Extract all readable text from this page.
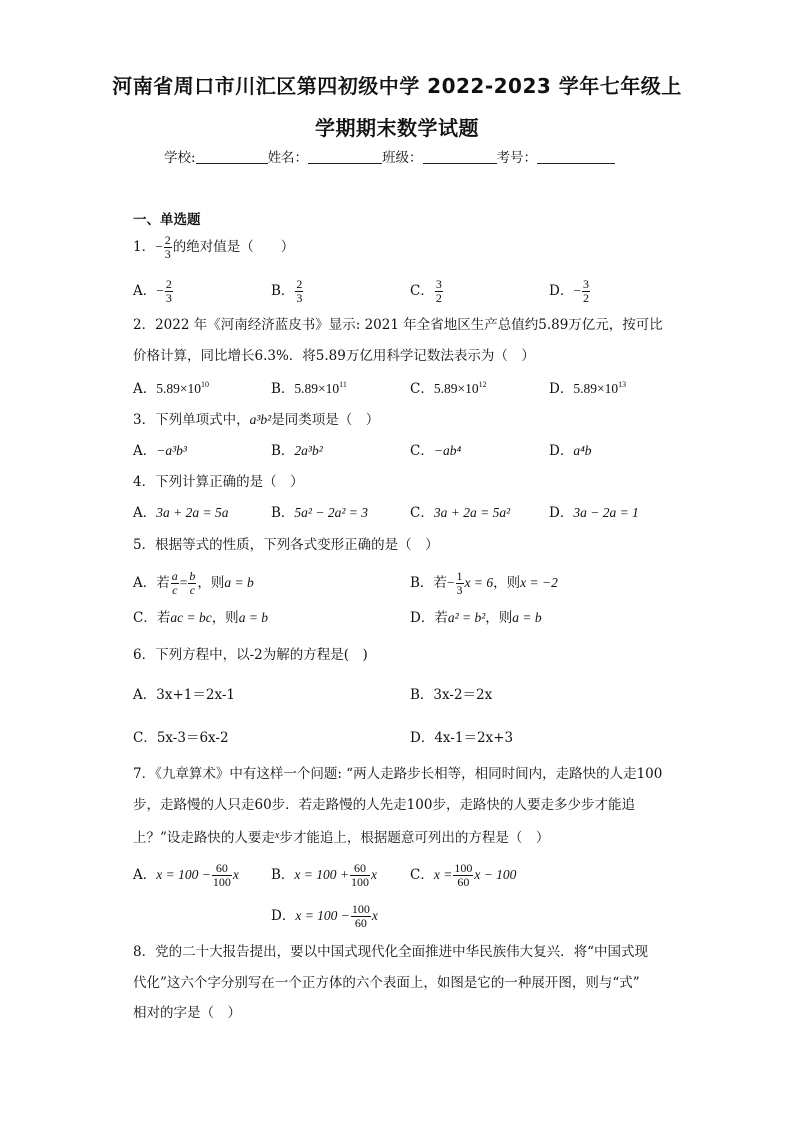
河南省周口市川汇区第四初级中学 2022-2023 学年七年级上
学期期末数学试题
学校:	姓名：	班级：	考号：
一、单选题
1．− $\frac{2}{3}$ 的绝对值是（　　）
A．− $\frac{2}{3}$	B． $\frac{2}{3}$	C． $\frac{3}{2}$	D．− $\frac{3}{2}$
2．2022 年《河南经济蓝皮书》显示: 2021 年全省地区生产总值约5.89万亿元，按可比
价格计算，同比增长6.3%．将5.89万亿用科学记数法表示为（　）
A．$5.89\times 10^{10}$	B．$5.89\times 10^{11}$	C．$5.89\times 10^{12}$	D．$5.89\times 10^{13}$
3．下列单项式中，a³b²是同类项是（　）
A．−a³b³	B．2a³b²	C．−ab⁴	D．a⁴b
4．下列计算正确的是（　）
A．3a + 2a = 5a	B．5a² − 2a² = 3	C．3a + 2a = 5a²	D．3a − 2a = 1
5．根据等式的性质，下列各式变形正确的是（　）
A．若 $\frac{a}{c} = \frac{b}{c}$ ，则a = b	B．若− $\frac{1}{3}$ x = 6，则x = −2
C．若ac = bc，则a = b	D．若a² = b²，则a = b
6．下列方程中，以-2为解的方程是(　)
A．3x+1＝2x-1	B．3x-2＝2x
C．5x-3＝6x-2	D．4x-1＝2x+3
7．《九章算术》中有这样一个问题: “两人走路步长相等，相同时间内，走路快的人走100
步，走路慢的人只走60步．若走路慢的人先走100步，走路快的人要走多少步才能追
上？”设走路快的人要走$^x$步才能追上，根据题意可列出的方程是（　）
A．$x = 100 - \frac{60}{100}$ x B．$x = 100 + \frac{60}{100}$ x C．$x = \frac{100}{60}$ x − 100
D．$x = 100 - \frac{100}{60}$ x
8．党的二十大报告提出，要以中国式现代化全面推进中华民族伟大复兴．将“中国式现
代化”这六个字分别写在一个正方体的六个表面上，如图是它的一种展开图，则与“式”
相对的字是（　）
